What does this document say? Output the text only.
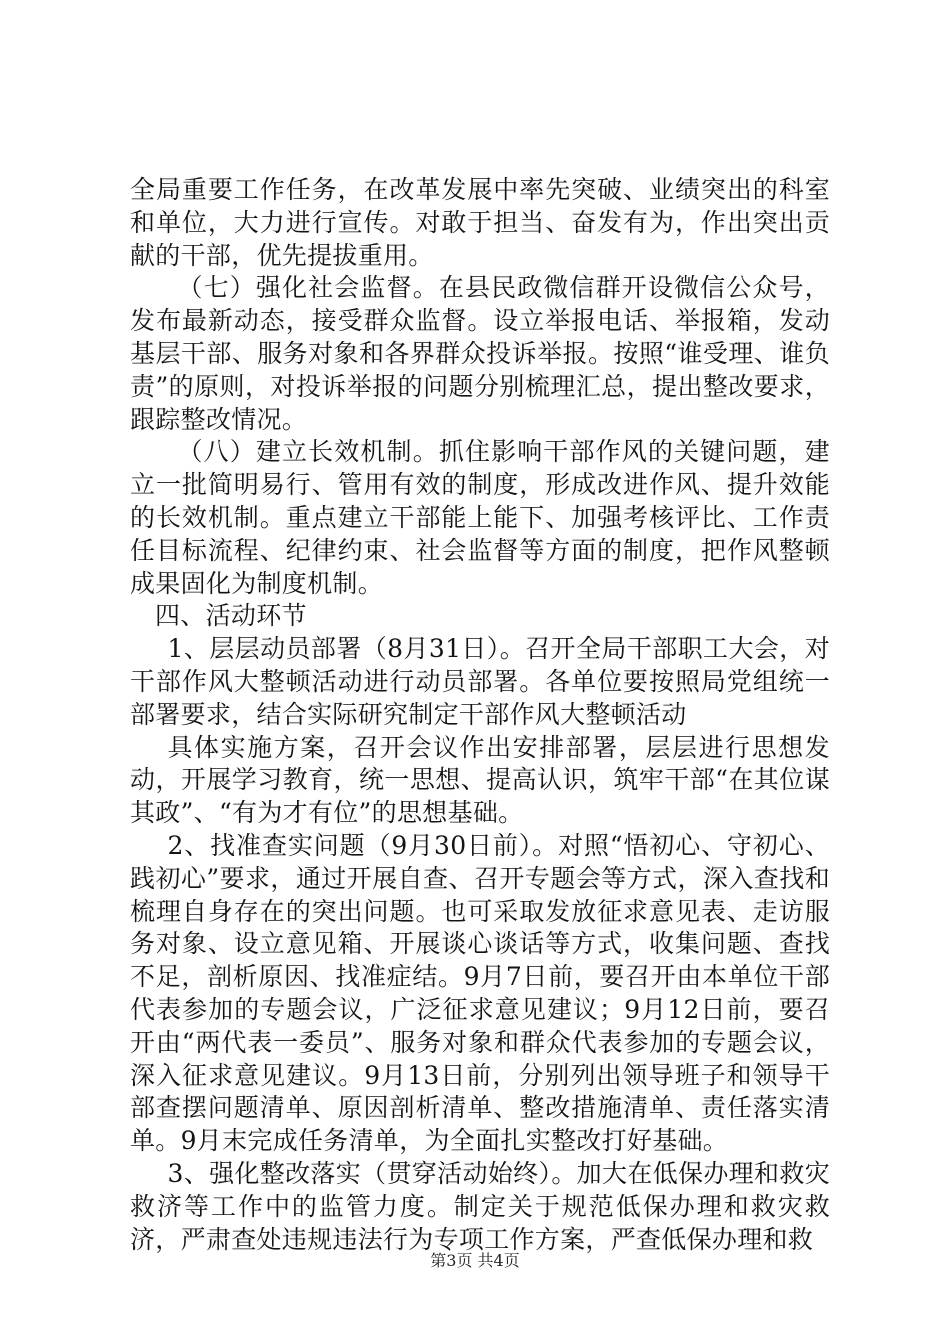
全局重要工作任务，在改革发展中率先突破、业绩突出的科室和单位，大力进行宣传。对敢于担当、奋发有为，作出突出贡献的干部，优先提拔重用。

（七）强化社会监督。在县民政微信群开设微信公众号，发布最新动态，接受群众监督。设立举报电话、举报箱，发动基层干部、服务对象和各界群众投诉举报。按照“谁受理、谁负责”的原则，对投诉举报的问题分别梳理汇总，提出整改要求，跟踪整改情况。

（八）建立长效机制。抓住影响干部作风的关键问题，建立一批简明易行、管用有效的制度，形成改进作风、提升效能的长效机制。重点建立干部能上能下、加强考核评比、工作责任目标流程、纪律约束、社会监督等方面的制度，把作风整顿成果固化为制度机制。

四、活动环节

1、层层动员部署（8月31日）。召开全局干部职工大会，对干部作风大整顿活动进行动员部署。各单位要按照局党组统一部署要求，结合实际研究制定干部作风大整顿活动

具体实施方案，召开会议作出安排部署，层层进行思想发动，开展学习教育，统一思想、提高认识，筑牢干部“在其位谋其政”、“有为才有位”的思想基础。

2、找准查实问题（9月30日前）。对照“悟初心、守初心、践初心”要求，通过开展自查、召开专题会等方式，深入查找和梳理自身存在的突出问题。也可采取发放征求意见表、走访服务对象、设立意见箱、开展谈心谈话等方式，收集问题、查找不足，剖析原因、找准症结。9月7日前，要召开由本单位干部代表参加的专题会议，广泛征求意见建议；9月12日前，要召开由“两代表一委员”、服务对象和群众代表参加的专题会议，深入征求意见建议。9月13日前，分别列出领导班子和领导干部查摆问题清单、原因剖析清单、整改措施清单、责任落实清单。9月末完成任务清单，为全面扎实整改打好基础。

3、强化整改落实（贯穿活动始终）。加大在低保办理和救灾救济等工作中的监管力度。制定关于规范低保办理和救灾救济，严肃查处违规违法行为专项工作方案，严查低保办理和救

第3页 共4页
